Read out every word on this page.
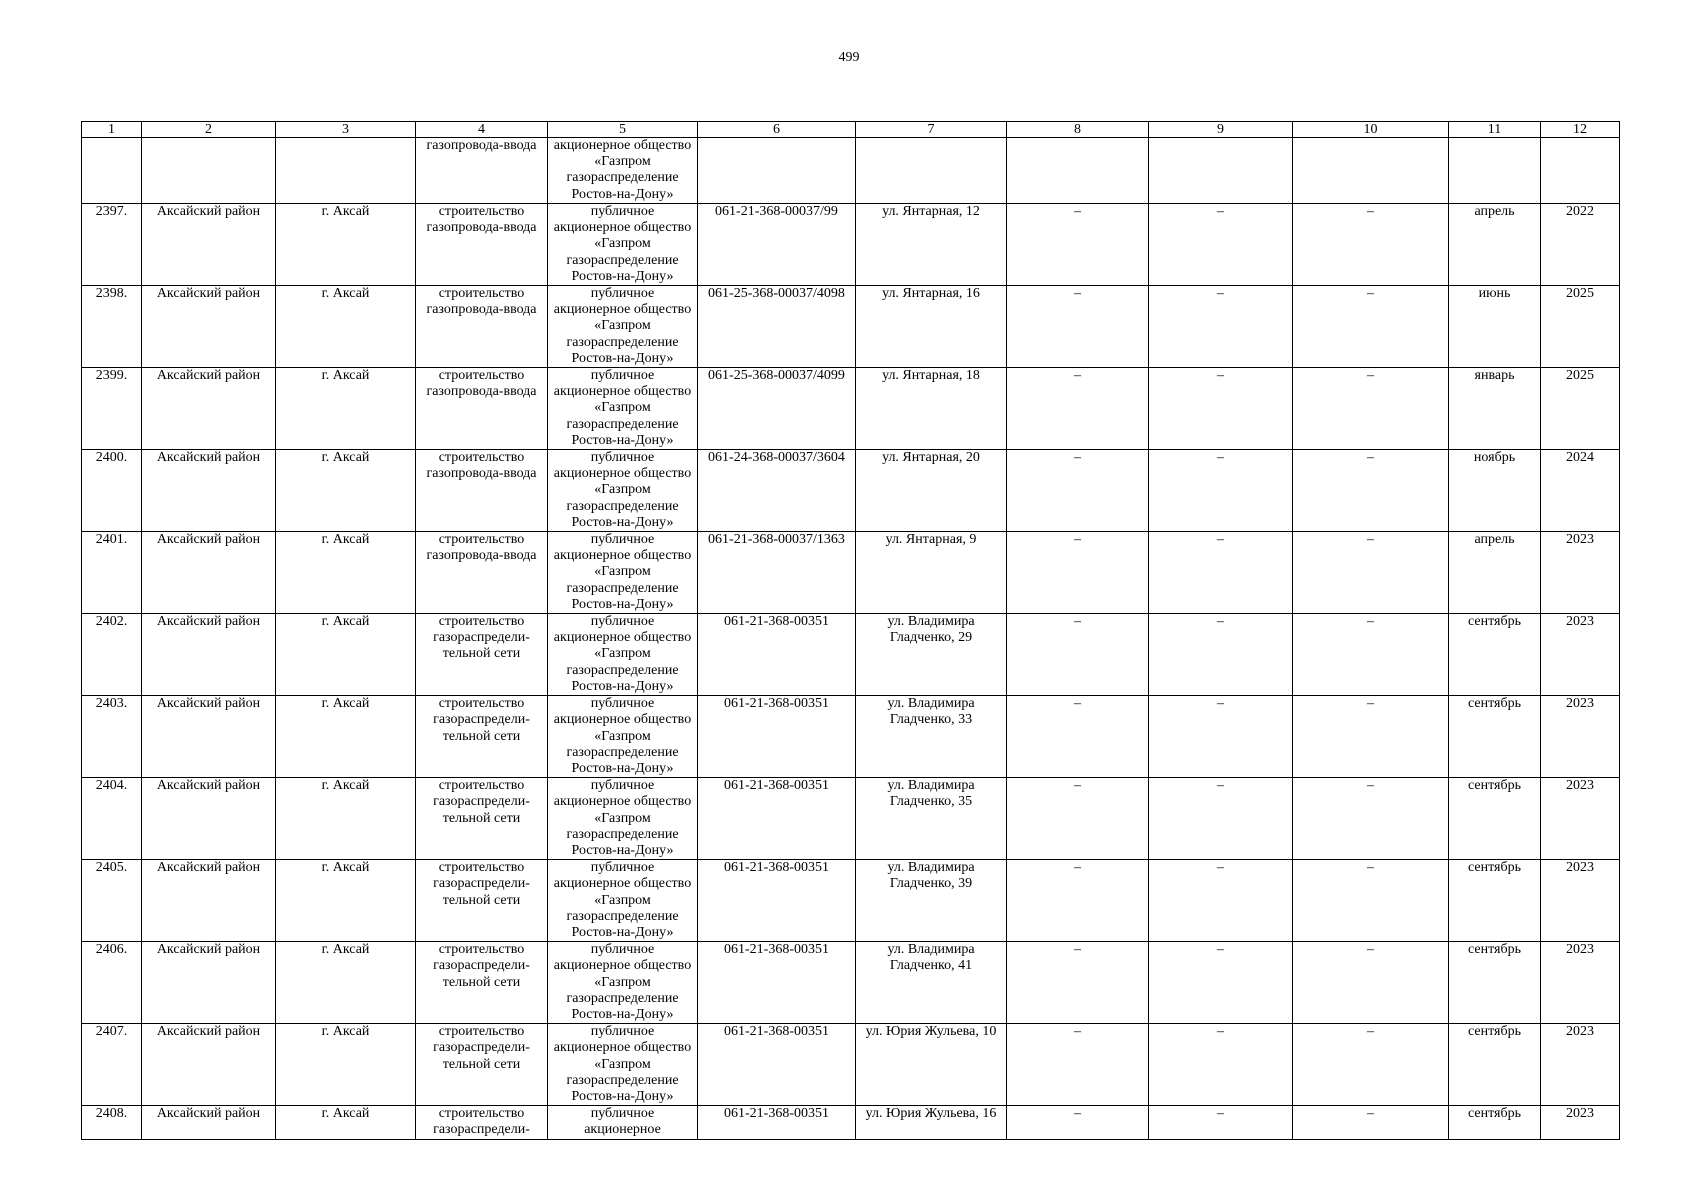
499
1	2	3	4	5	6	7	8	9	10	11	12
			газопровода-ввода	акционерное общество «Газпром газораспределение Ростов-на-Дону»							
2397.	Аксайский район	г. Аксай	строительство газопровода-ввода	публичное акционерное общество «Газпром газораспределение Ростов-на-Дону»	061-21-368-00037/99	ул. Янтарная, 12	–	–	–	апрель	2022
2398.	Аксайский район	г. Аксай	строительство газопровода-ввода	публичное акционерное общество «Газпром газораспределение Ростов-на-Дону»	061-25-368-00037/4098	ул. Янтарная, 16	–	–	–	июнь	2025
2399.	Аксайский район	г. Аксай	строительство газопровода-ввода	публичное акционерное общество «Газпром газораспределение Ростов-на-Дону»	061-25-368-00037/4099	ул. Янтарная, 18	–	–	–	январь	2025
2400.	Аксайский район	г. Аксай	строительство газопровода-ввода	публичное акционерное общество «Газпром газораспределение Ростов-на-Дону»	061-24-368-00037/3604	ул. Янтарная, 20	–	–	–	ноябрь	2024
2401.	Аксайский район	г. Аксай	строительство газопровода-ввода	публичное акционерное общество «Газпром газораспределение Ростов-на-Дону»	061-21-368-00037/1363	ул. Янтарная, 9	–	–	–	апрель	2023
2402.	Аксайский район	г. Аксай	строительство газораспредели-тельной сети	публичное акционерное общество «Газпром газораспределение Ростов-на-Дону»	061-21-368-00351	ул. Владимира Гладченко, 29	–	–	–	сентябрь	2023
2403.	Аксайский район	г. Аксай	строительство газораспредели-тельной сети	публичное акционерное общество «Газпром газораспределение Ростов-на-Дону»	061-21-368-00351	ул. Владимира Гладченко, 33	–	–	–	сентябрь	2023
2404.	Аксайский район	г. Аксай	строительство газораспредели-тельной сети	публичное акционерное общество «Газпром газораспределение Ростов-на-Дону»	061-21-368-00351	ул. Владимира Гладченко, 35	–	–	–	сентябрь	2023
2405.	Аксайский район	г. Аксай	строительство газораспредели-тельной сети	публичное акционерное общество «Газпром газораспределение Ростов-на-Дону»	061-21-368-00351	ул. Владимира Гладченко, 39	–	–	–	сентябрь	2023
2406.	Аксайский район	г. Аксай	строительство газораспредели-тельной сети	публичное акционерное общество «Газпром газораспределение Ростов-на-Дону»	061-21-368-00351	ул. Владимира Гладченко, 41	–	–	–	сентябрь	2023
2407.	Аксайский район	г. Аксай	строительство газораспредели-тельной сети	публичное акционерное общество «Газпром газораспределение Ростов-на-Дону»	061-21-368-00351	ул. Юрия Жульева, 10	–	–	–	сентябрь	2023
2408.	Аксайский район	г. Аксай	строительство газораспредели-	публичное акционерное	061-21-368-00351	ул. Юрия Жульева, 16	–	–	–	сентябрь	2023
